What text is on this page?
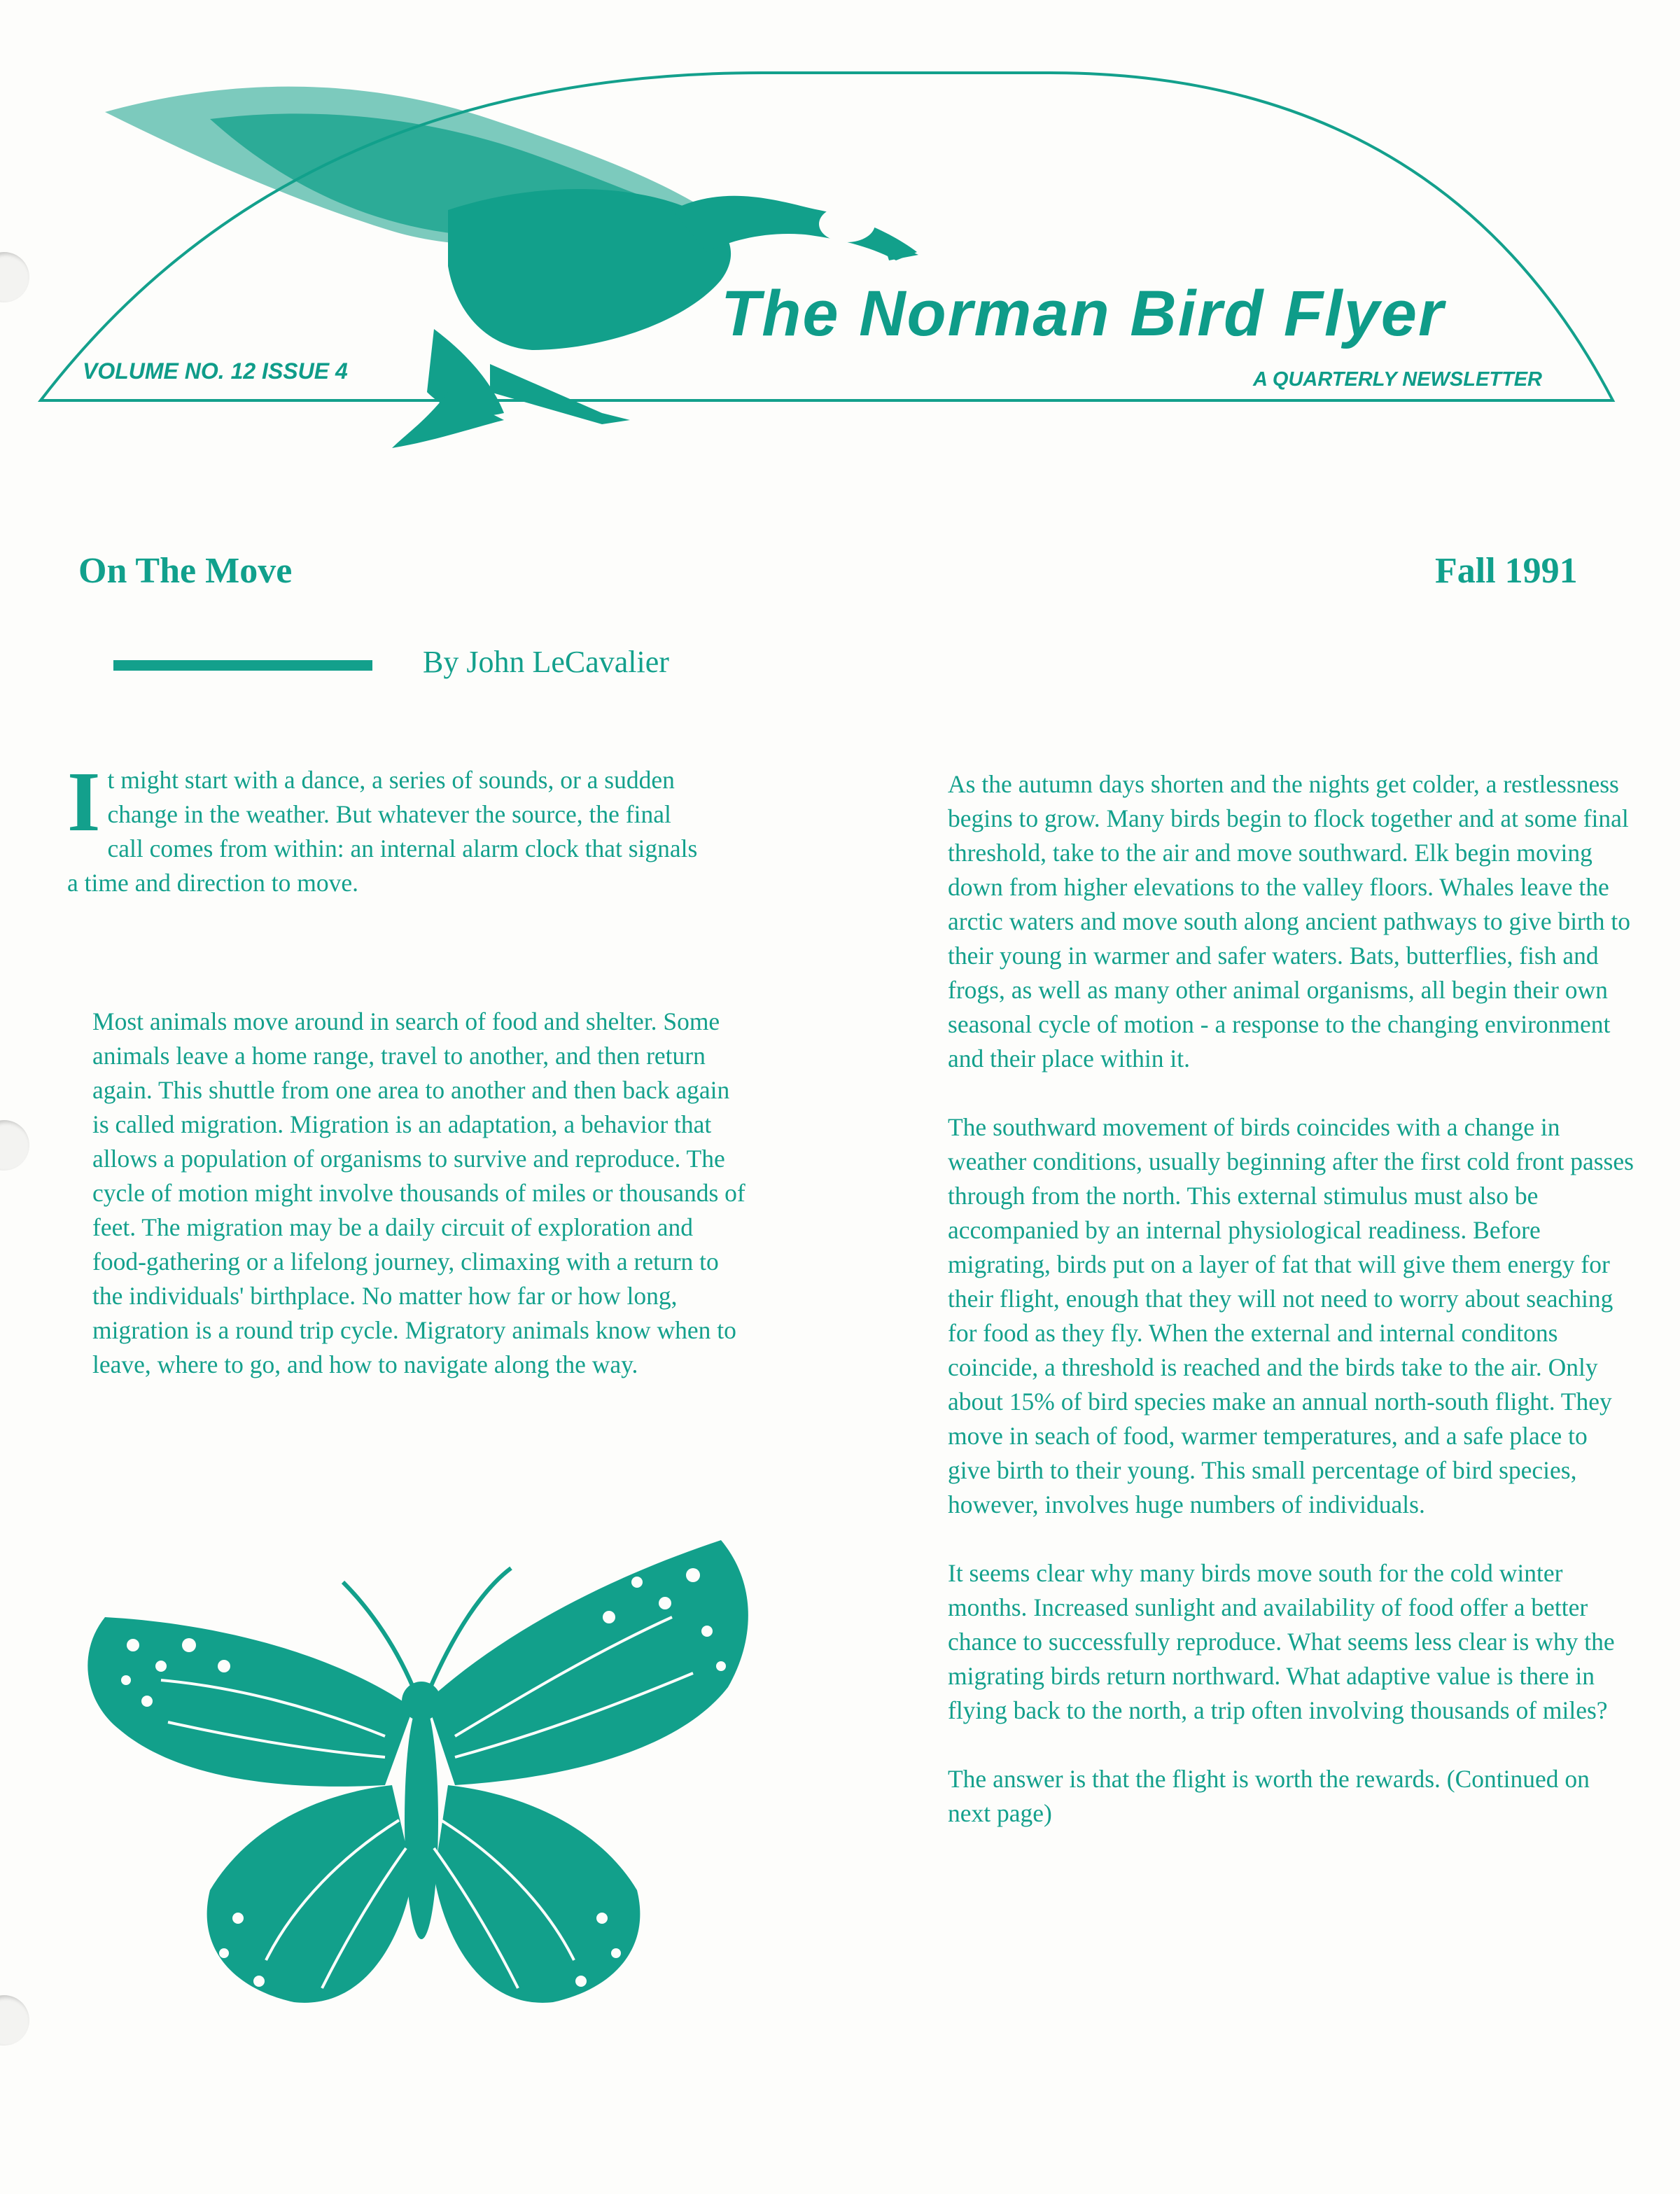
The Norman Bird Flyer
VOLUME NO. 12 ISSUE 4	A QUARTERLY NEWSLETTER
On The Move	Fall 1991
By John LeCavalier
I t might start with a dance, a series of sounds, or a sudden change in the weather. But whatever the source, the final call comes from within: an internal alarm clock that signals a time and direction to move.

Most animals move around in search of food and shelter. Some animals leave a home range, travel to another, and then return again. This shuttle from one area to another and then back again is called migration. Migration is an adaptation, a behavior that allows a population of organisms to survive and reproduce. The cycle of motion might involve thousands of miles or thousands of feet. The migration may be a daily circuit of exploration and food-gathering or a lifelong journey, climaxing with a return to the individuals' birthplace. No matter how far or how long, migration is a round trip cycle. Migratory animals know when to leave, where to go, and how to navigate along the way.

As the autumn days shorten and the nights get colder, a restlessness begins to grow. Many birds begin to flock together and at some final threshold, take to the air and move southward. Elk begin moving down from higher elevations to the valley floors. Whales leave the arctic waters and move south along ancient pathways to give birth to their young in warmer and safer waters. Bats, butterflies, fish and frogs, as well as many other animal organisms, all begin their own seasonal cycle of motion - a response to the changing environment and their place within it.

The southward movement of birds coincides with a change in weather conditions, usually beginning after the first cold front passes through from the north. This external stimulus must also be accompanied by an internal physiological readiness. Before migrating, birds put on a layer of fat that will give them energy for their flight, enough that they will not need to worry about seaching for food as they fly. When the external and internal conditons coincide, a threshold is reached and the birds take to the air. Only about 15% of bird species make an annual north-south flight. They move in seach of food, warmer temperatures, and a safe place to give birth to their young. This small percentage of bird species, however, involves huge numbers of individuals.

It seems clear why many birds move south for the cold winter months. Increased sunlight and availability of food offer a better chance to successfully reproduce. What seems less clear is why the migrating birds return northward. What adaptive value is there in flying back to the north, a trip often involving thousands of miles?

The answer is that the flight is worth the rewards. (Continued on next page)
